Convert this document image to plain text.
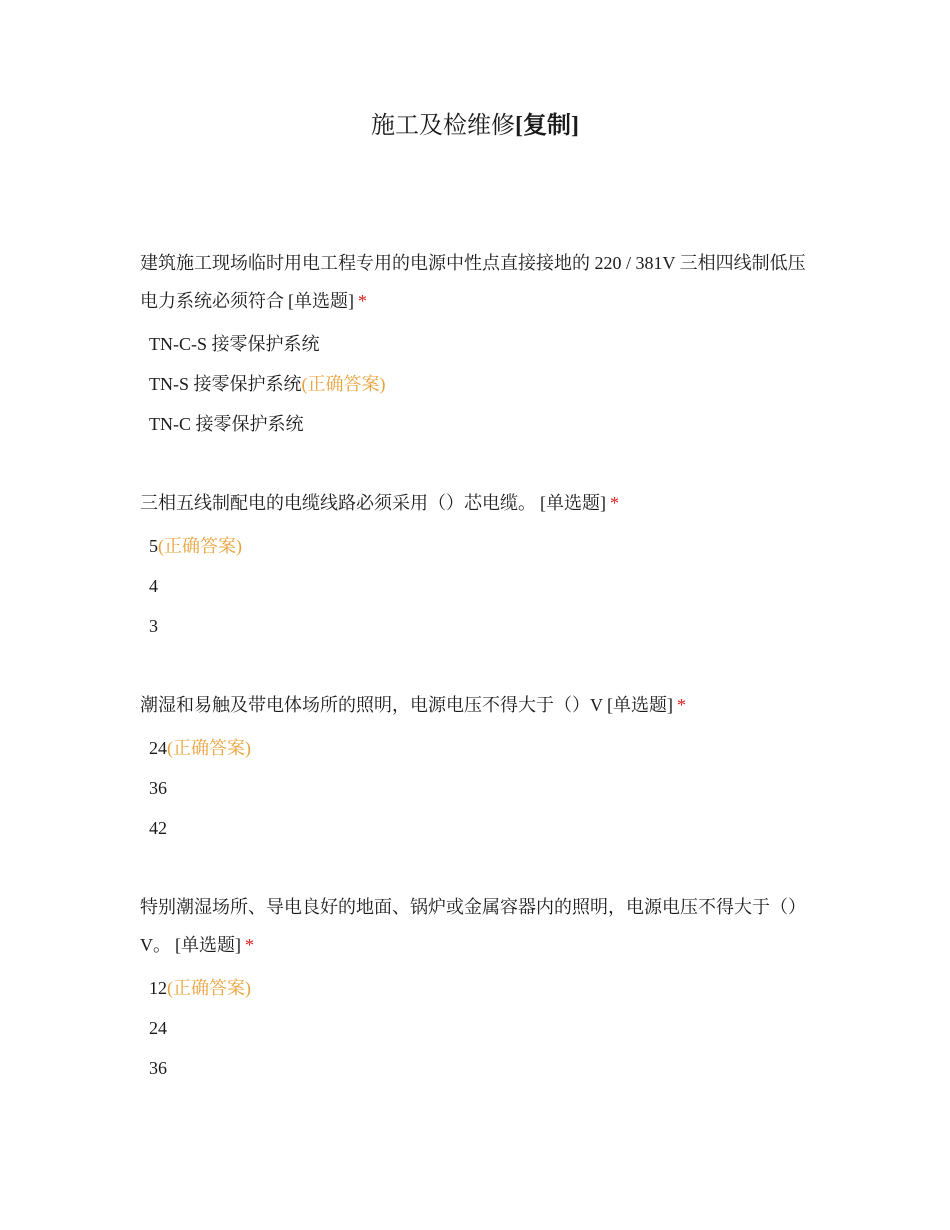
施工及检维修[复制]

建筑施工现场临时用电工程专用的电源中性点直接接地的 220 / 381V 三相四线制低压电力系统必须符合 [单选题] *

TN-C-S 接零保护系统
TN-S 接零保护系统(正确答案)
TN-C 接零保护系统

三相五线制配电的电缆线路必须采用（）芯电缆。 [单选题] *

5(正确答案)
4
3

潮湿和易触及带电体场所的照明，电源电压不得大于（）V [单选题] *

24(正确答案)
36
42

特别潮湿场所、导电良好的地面、锅炉或金属容器内的照明，电源电压不得大于（）V。 [单选题] *

12(正确答案)
24
36
